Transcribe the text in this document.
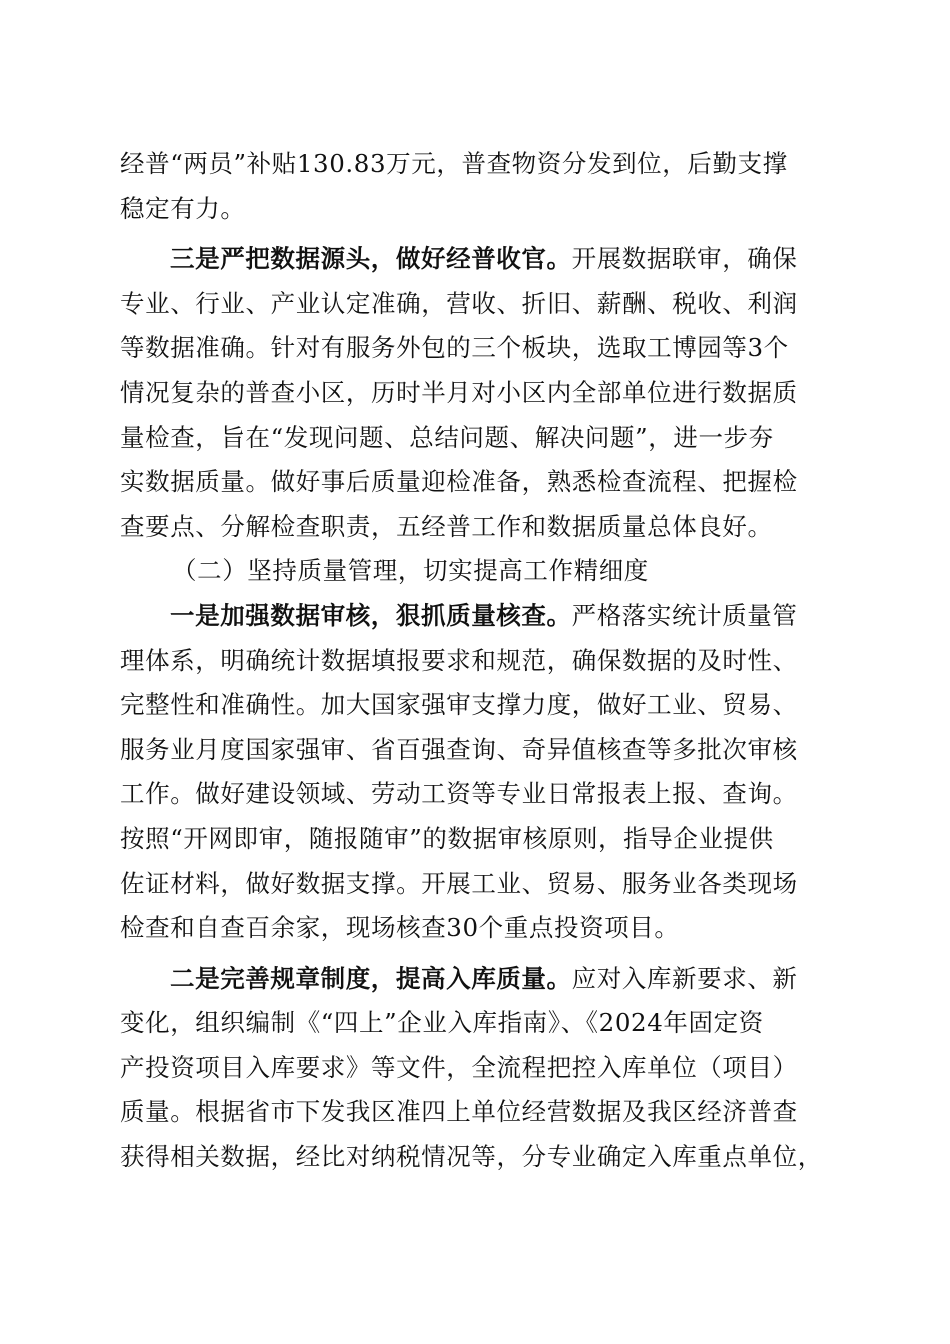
经普“两员”补贴130.83万元，普查物资分发到位，后勤支撑
稳定有力。
三是严把数据源头，做好经普收官。开展数据联审，确保
专业、行业、产业认定准确，营收、折旧、薪酬、税收、利润
等数据准确。针对有服务外包的三个板块，选取工博园等3个
情况复杂的普查小区，历时半月对小区内全部单位进行数据质
量检查，旨在“发现问题、总结问题、解决问题”，进一步夯
实数据质量。做好事后质量迎检准备，熟悉检查流程、把握检
查要点、分解检查职责，五经普工作和数据质量总体良好。
（二）坚持质量管理，切实提高工作精细度
一是加强数据审核，狠抓质量核查。严格落实统计质量管
理体系，明确统计数据填报要求和规范，确保数据的及时性、
完整性和准确性。加大国家强审支撑力度，做好工业、贸易、
服务业月度国家强审、省百强查询、奇异值核查等多批次审核
工作。做好建设领域、劳动工资等专业日常报表上报、查询。
按照“开网即审，随报随审”的数据审核原则，指导企业提供
佐证材料，做好数据支撑。开展工业、贸易、服务业各类现场
检查和自查百余家，现场核查30个重点投资项目。
二是完善规章制度，提高入库质量。应对入库新要求、新
变化，组织编制《“四上”企业入库指南》、《2024年固定资
产投资项目入库要求》等文件，全流程把控入库单位（项目）
质量。根据省市下发我区准四上单位经营数据及我区经济普查
获得相关数据，经比对纳税情况等，分专业确定入库重点单位，
